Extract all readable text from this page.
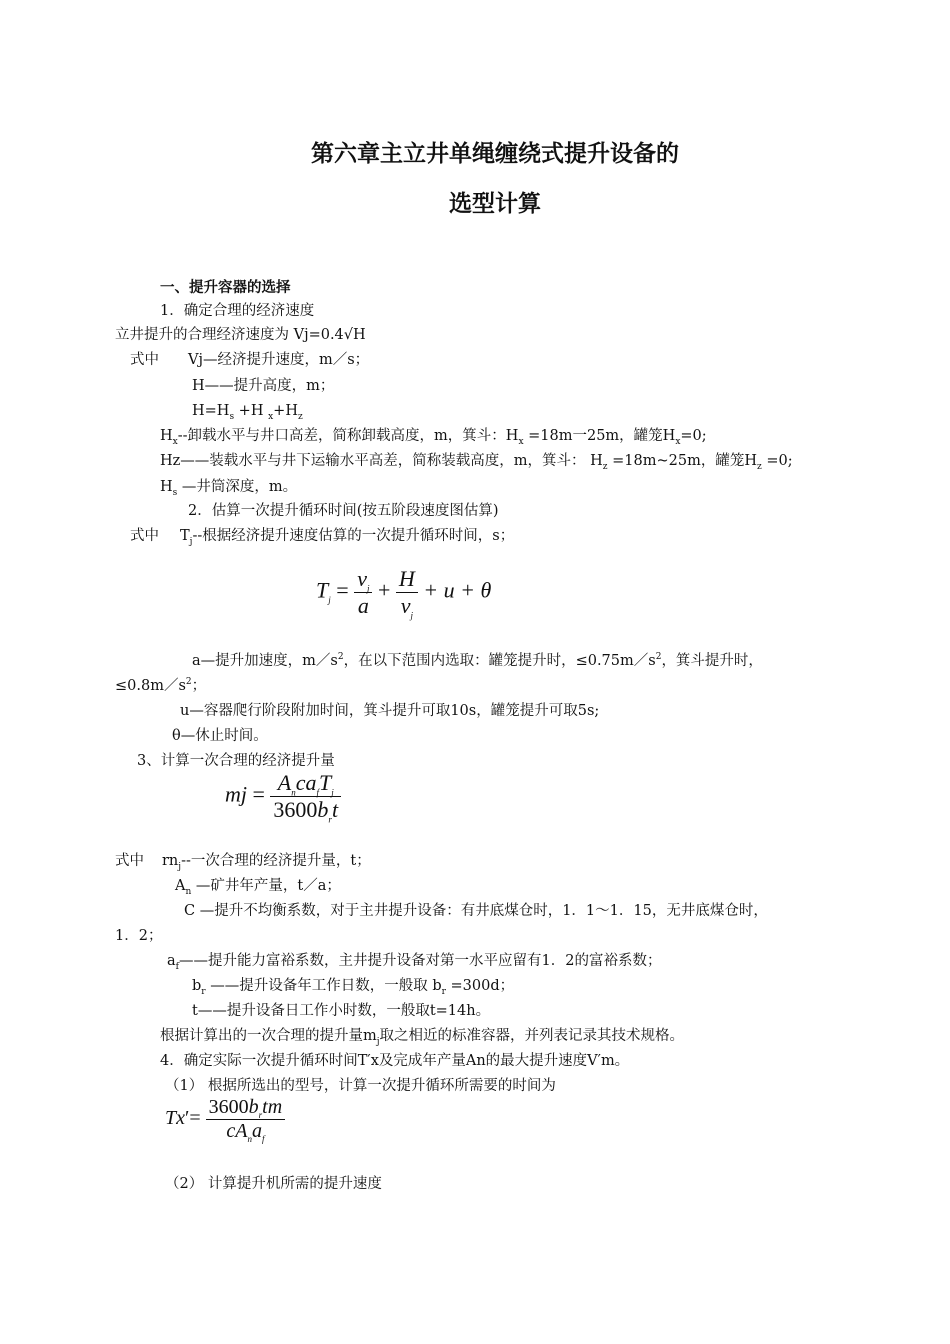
第六章主立井单绳缠绕式提升设备的
选型计算
一、提升容器的选择
1．确定合理的经济速度
立井提升的合理经济速度为 Vj=0.4√H
式中 Vj—经济提升速度，m／s；
H——提升高度，m；
$H=H_s +H$ $_x+H_z$
$H_x--$卸载水平与井口高差，简称卸载高度，m，箕斗：$H_x =18m$一25m，罐笼$H_x=0$;
Hz——装载水平与井下运输水平高差，简称装载高度，m，箕斗： $H_z$ =18m~25m，罐笼$H_z =0$;
$H_s$ —井筒深度，m。
2．估算一次提升循环时间(按五阶段速度图估算)
式中 $T_j--$根据经济提升速度估算的一次提升循环时间，s；
$T_j = \frac{v_j}{a} + \frac{H}{v_j} + u + \theta$
a—提升加速度，$m/s^2$，在以下范围内选取：罐笼提升时，$\le 0.75m/s^2$，箕斗提升时，
$\le 0.8m/s^2$；
u—容器爬行阶段附加时间，箕斗提升可取10s，罐笼提升可取5s;
θ—休止时间。
3、计算一次合理的经济提升量
mj = $\frac{A_nca_fT_j}{3600b_rt}$
式中 $rn_j--$一次合理的经济提升量，t；
$A_n$ —矿井年产量，t／a；
C —提升不均衡系数，对于主井提升设备：有井底煤仓时，1．1～1．15，无井底煤仓时，
1．2；
$a_f——$提升能力富裕系数，主井提升设备对第一水平应留有1．2的富裕系数；
$b_r$ ——提升设备年工作日数，一般取 $b_r =300d$；
t——提升设备日工作小时数，一般取t=14h。
根据计算出的一次合理的提升量$m_j$取之相近的标准容器，并列表记录其技术规格。
4．确定实际一次提升循环时间T′x及完成年产量An的最大提升速度V′m。
（1） 根据所选出的型号，计算一次提升循环所需要的时间为
$Tx'= \frac{3600b_rtm}{cA_na_f}$
（2） 计算提升机所需的提升速度
